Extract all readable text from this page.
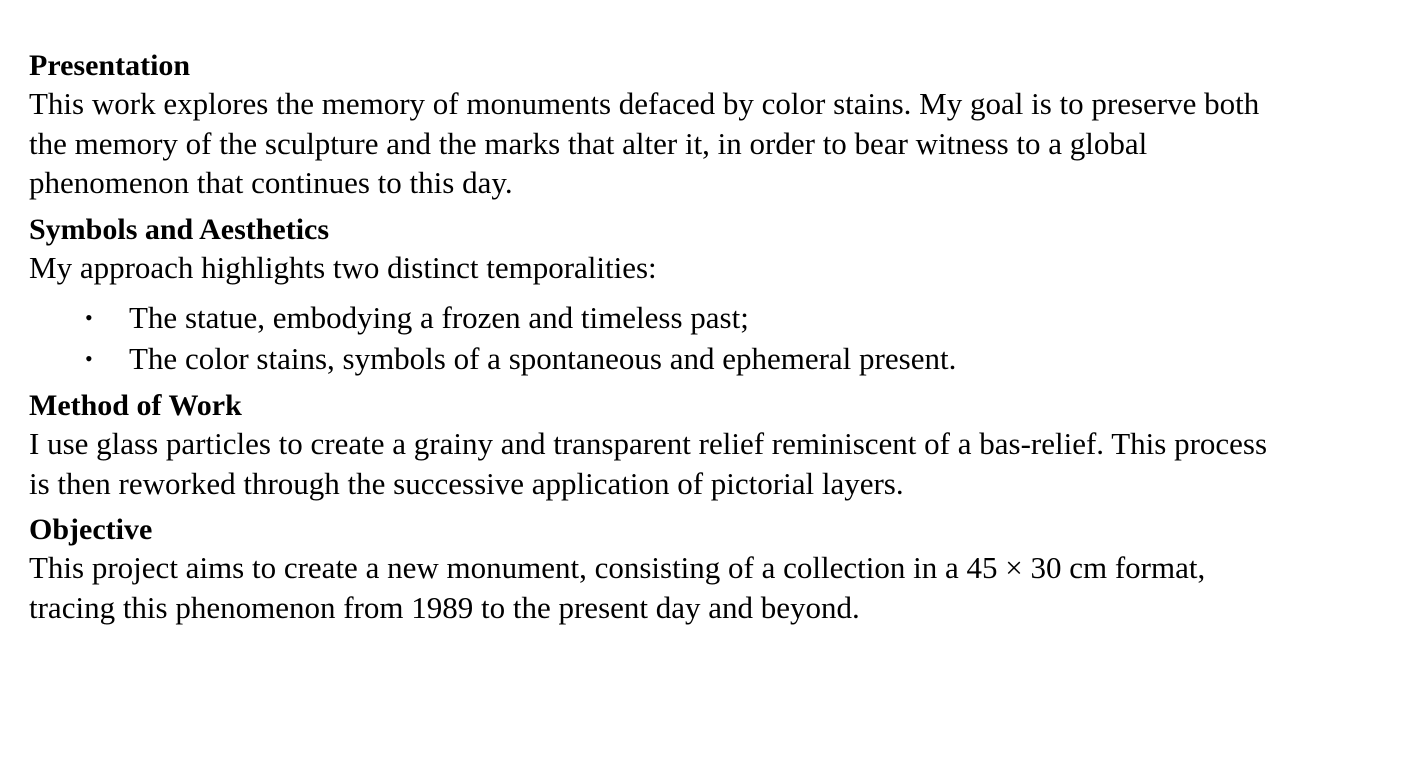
Presentation

This work explores the memory of monuments defaced by color stains. My goal is to preserve both
the memory of the sculpture and the marks that alter it, in order to bear witness to a global
phenomenon that continues to this day.

Symbols and Aesthetics

My approach highlights two distinct temporalities:

• The statue, embodying a frozen and timeless past;
• The color stains, symbols of a spontaneous and ephemeral present.
Method of Work

I use glass particles to create a grainy and transparent relief reminiscent of a bas-relief. This process
is then reworked through the successive application of pictorial layers.

Objective

This project aims to create a new monument, consisting of a collection in a 45 × 30 cm format,
tracing this phenomenon from 1989 to the present day and beyond.
